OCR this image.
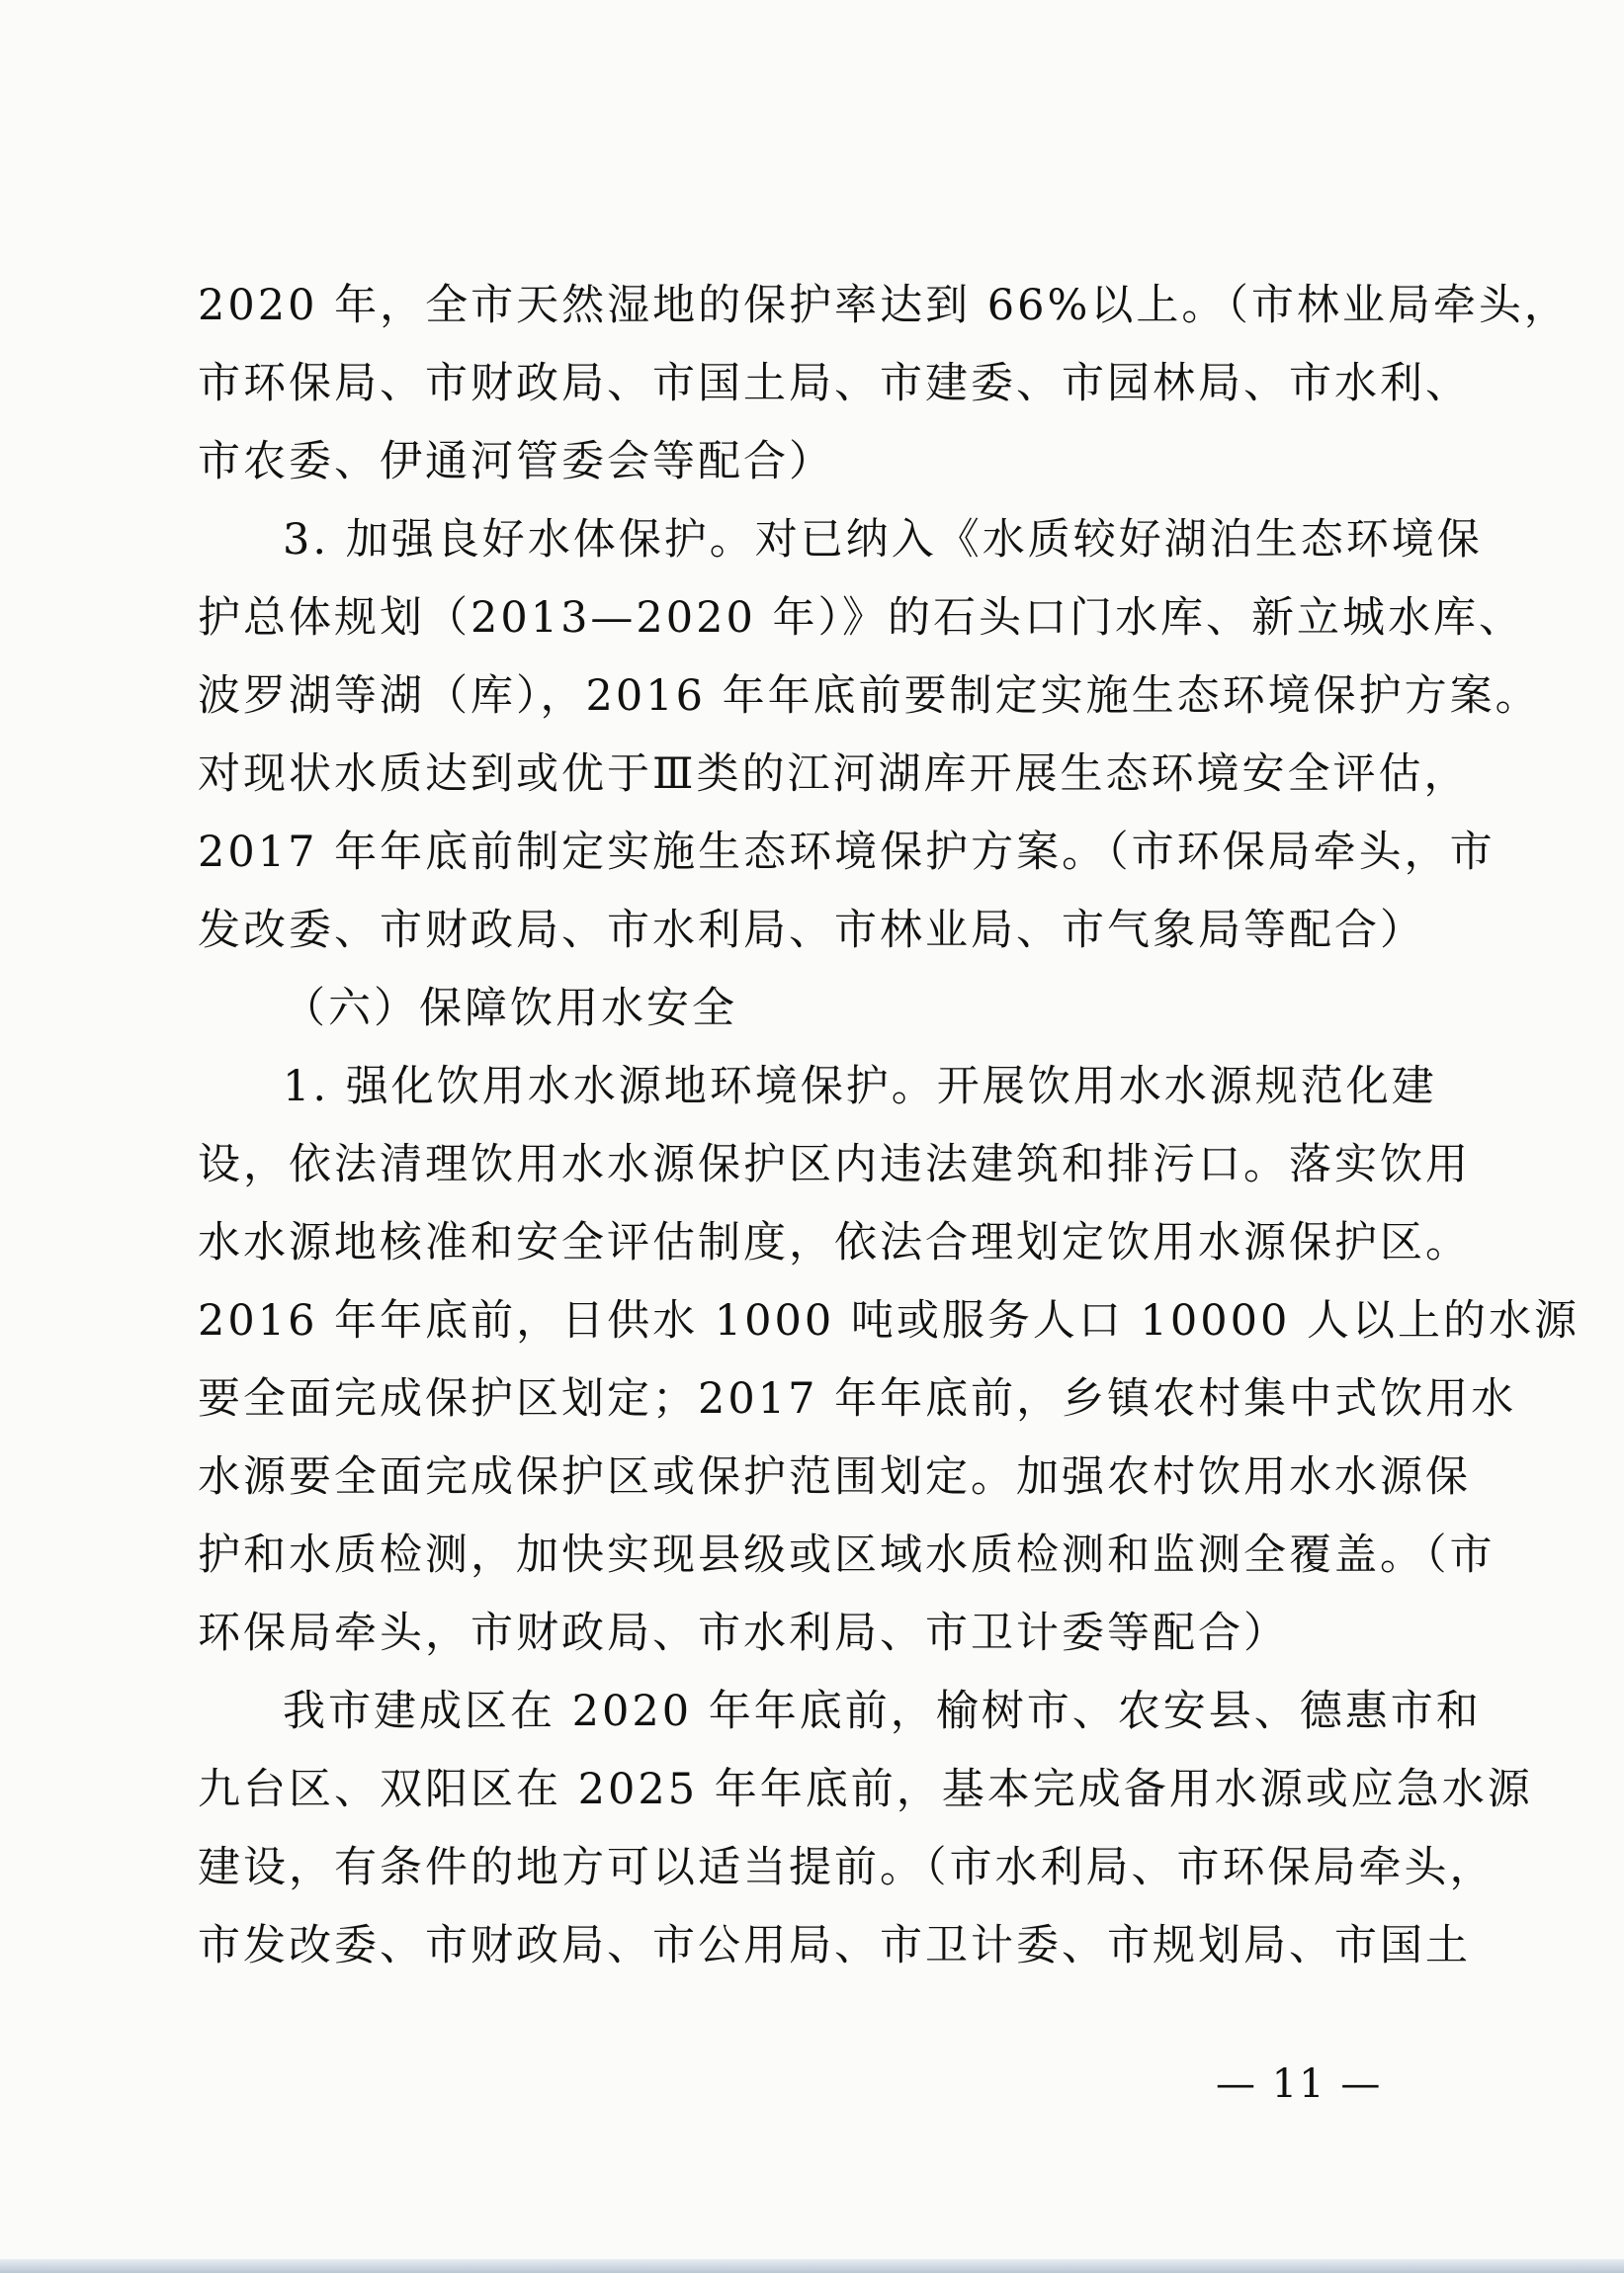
2020 年，全市天然湿地的保护率达到 66%以上。（市林业局牵头，
市环保局、市财政局、市国土局、市建委、市园林局、市水利、
市农委、伊通河管委会等配合）
3. 加强良好水体保护。对已纳入《水质较好湖泊生态环境保
护总体规划（2013—2020 年）》的石头口门水库、新立城水库、
波罗湖等湖（库），2016 年年底前要制定实施生态环境保护方案。
对现状水质达到或优于Ⅲ类的江河湖库开展生态环境安全评估，
2017 年年底前制定实施生态环境保护方案。（市环保局牵头，市
发改委、市财政局、市水利局、市林业局、市气象局等配合）
（六）保障饮用水安全
1. 强化饮用水水源地环境保护。开展饮用水水源规范化建
设，依法清理饮用水水源保护区内违法建筑和排污口。落实饮用
水水源地核准和安全评估制度，依法合理划定饮用水源保护区。
2016 年年底前，日供水 1000 吨或服务人口 10000 人以上的水源
要全面完成保护区划定；2017 年年底前，乡镇农村集中式饮用水
水源要全面完成保护区或保护范围划定。加强农村饮用水水源保
护和水质检测，加快实现县级或区域水质检测和监测全覆盖。（市
环保局牵头，市财政局、市水利局、市卫计委等配合）
我市建成区在 2020 年年底前，榆树市、农安县、德惠市和
九台区、双阳区在 2025 年年底前，基本完成备用水源或应急水源
建设，有条件的地方可以适当提前。（市水利局、市环保局牵头，
市发改委、市财政局、市公用局、市卫计委、市规划局、市国土
— 11 —
